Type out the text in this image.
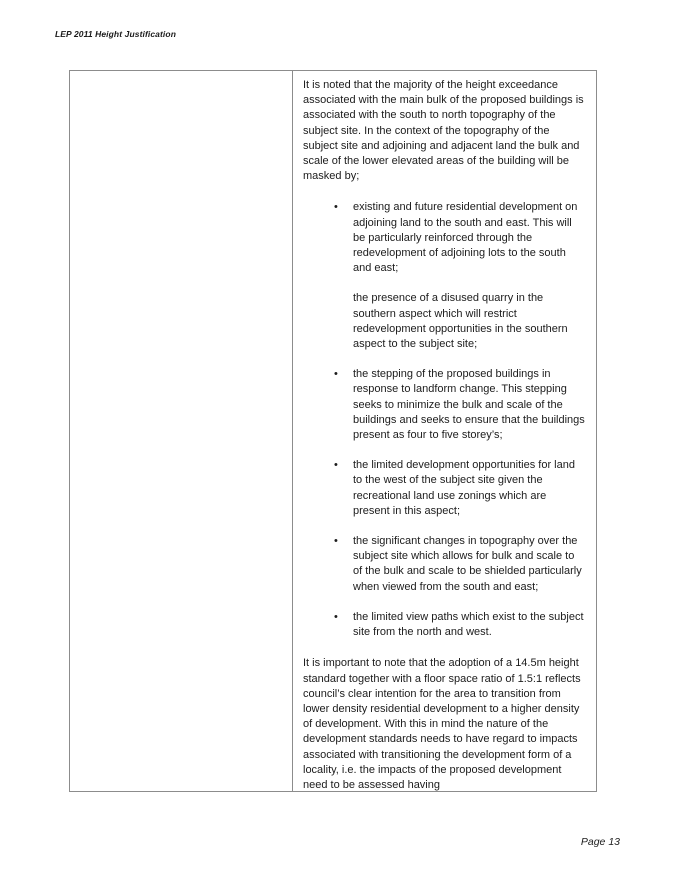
LEP 2011 Height Justification

It is noted that the majority of the height exceedance associated with the main bulk of the proposed buildings is associated with the south to north topography of the subject site. In the context of the topography of the subject site and adjoining and adjacent land the bulk and scale of the lower elevated areas of the building will be masked by;

• existing and future residential development on adjoining land to the south and east. This will be particularly reinforced through the redevelopment of adjoining lots to the south and east;
the presence of a disused quarry in the southern aspect which will restrict redevelopment opportunities in the southern aspect to the subject site;
• the stepping of the proposed buildings in response to landform change. This stepping seeks to minimize the bulk and scale of the buildings and seeks to ensure that the buildings present as four to five storey’s;
• the limited development opportunities for land to the west of the subject site given the recreational land use zonings which are present in this aspect;
• the significant changes in topography over the subject site which allows for bulk and scale to of the bulk and scale to be shielded particularly when viewed from the south and east;
• the limited view paths which exist to the subject site from the north and west.

It is important to note that the adoption of a 14.5m height standard together with a floor space ratio of 1.5:1 reflects council’s clear intention for the area to transition from lower density residential development to a higher density of development. With this in mind the nature of the development standards needs to have regard to impacts associated with transitioning the development form of a locality, i.e. the impacts of the proposed development need to be assessed having

Page 13
